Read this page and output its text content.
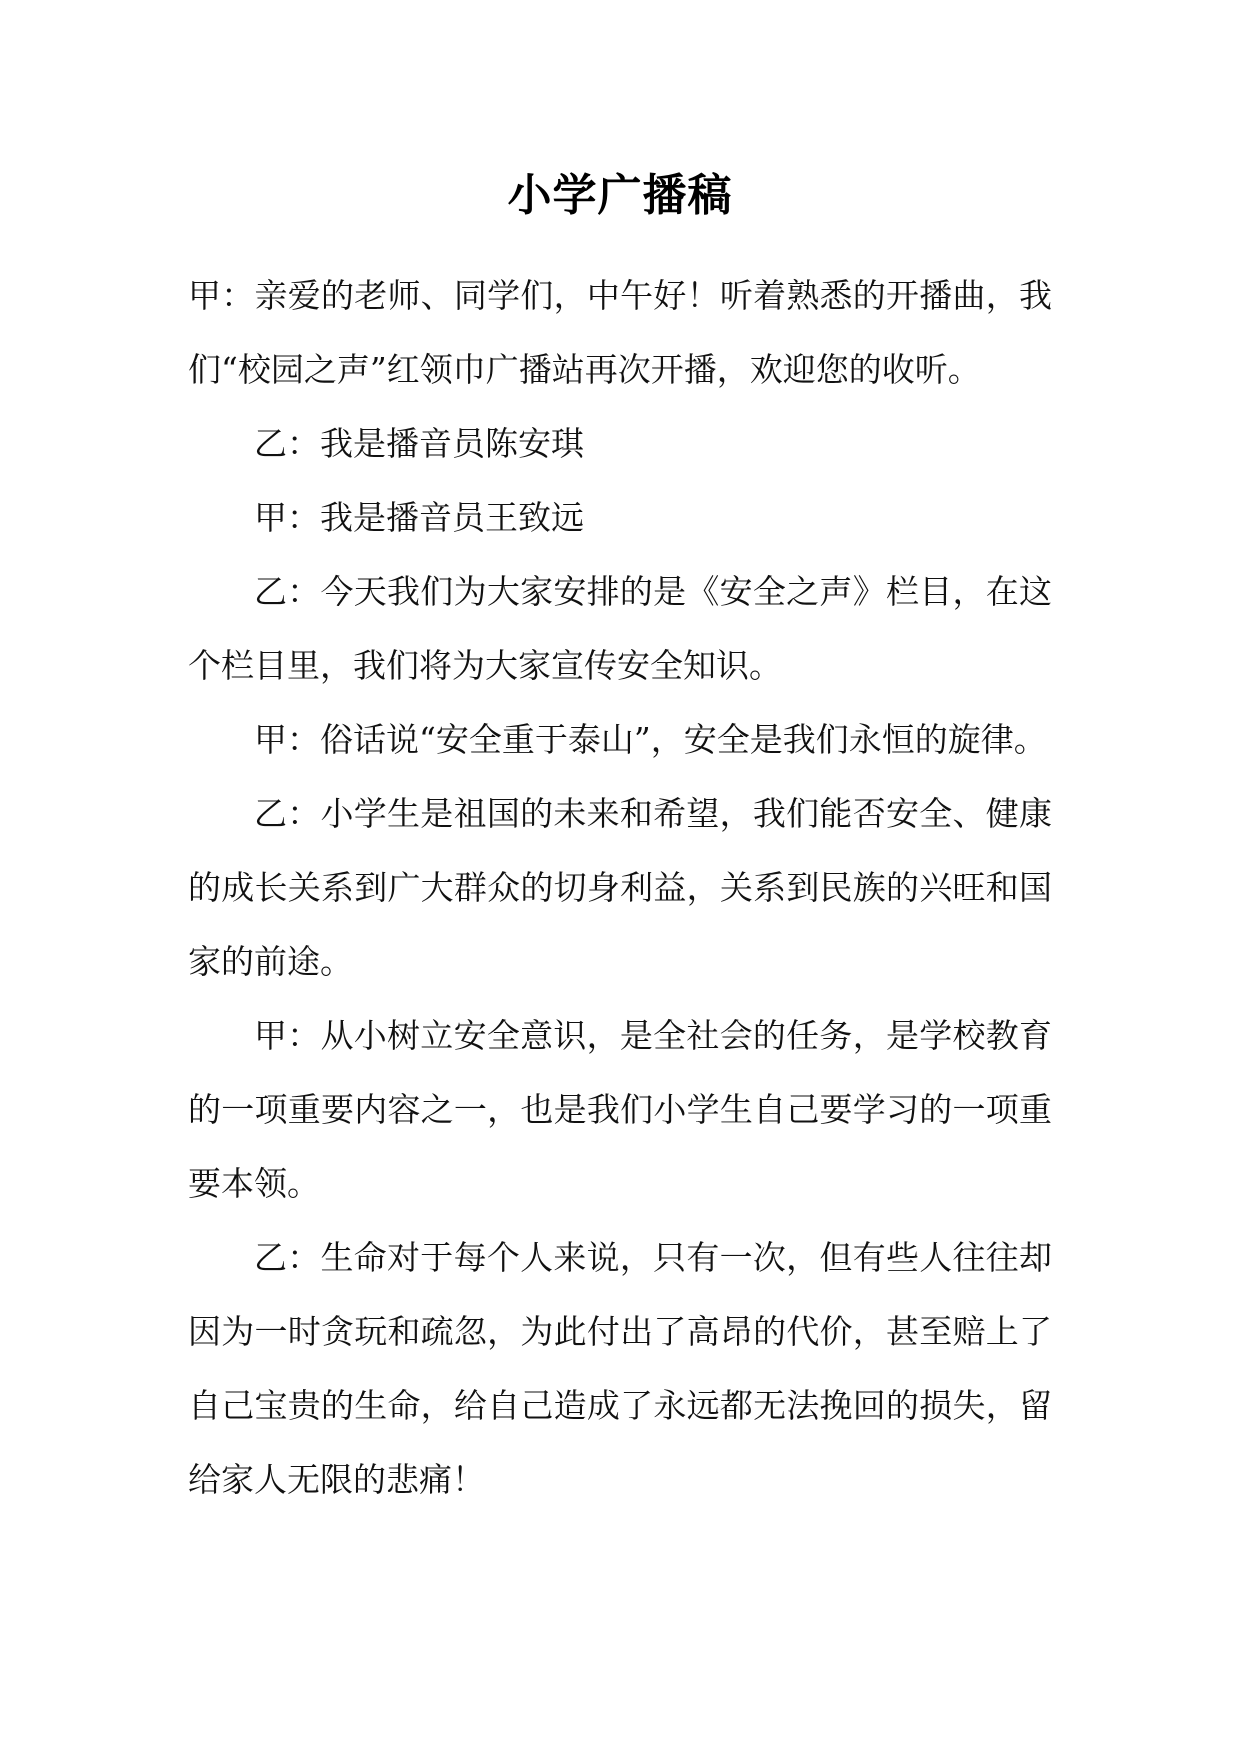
小学广播稿

甲：亲爱的老师、同学们，中午好！听着熟悉的开播曲，我们“校园之声”红领巾广播站再次开播，欢迎您的收听。

乙：我是播音员陈安琪

甲：我是播音员王致远

乙：今天我们为大家安排的是《安全之声》栏目，在这个栏目里，我们将为大家宣传安全知识。

甲：俗话说“安全重于泰山”，安全是我们永恒的旋律。

乙：小学生是祖国的未来和希望，我们能否安全、健康的成长关系到广大群众的切身利益，关系到民族的兴旺和国家的前途。

甲：从小树立安全意识，是全社会的任务，是学校教育的一项重要内容之一，也是我们小学生自己要学习的一项重要本领。

乙：生命对于每个人来说，只有一次，但有些人往往却因为一时贪玩和疏忽，为此付出了高昂的代价，甚至赔上了自己宝贵的生命，给自己造成了永远都无法挽回的损失，留给家人无限的悲痛！
